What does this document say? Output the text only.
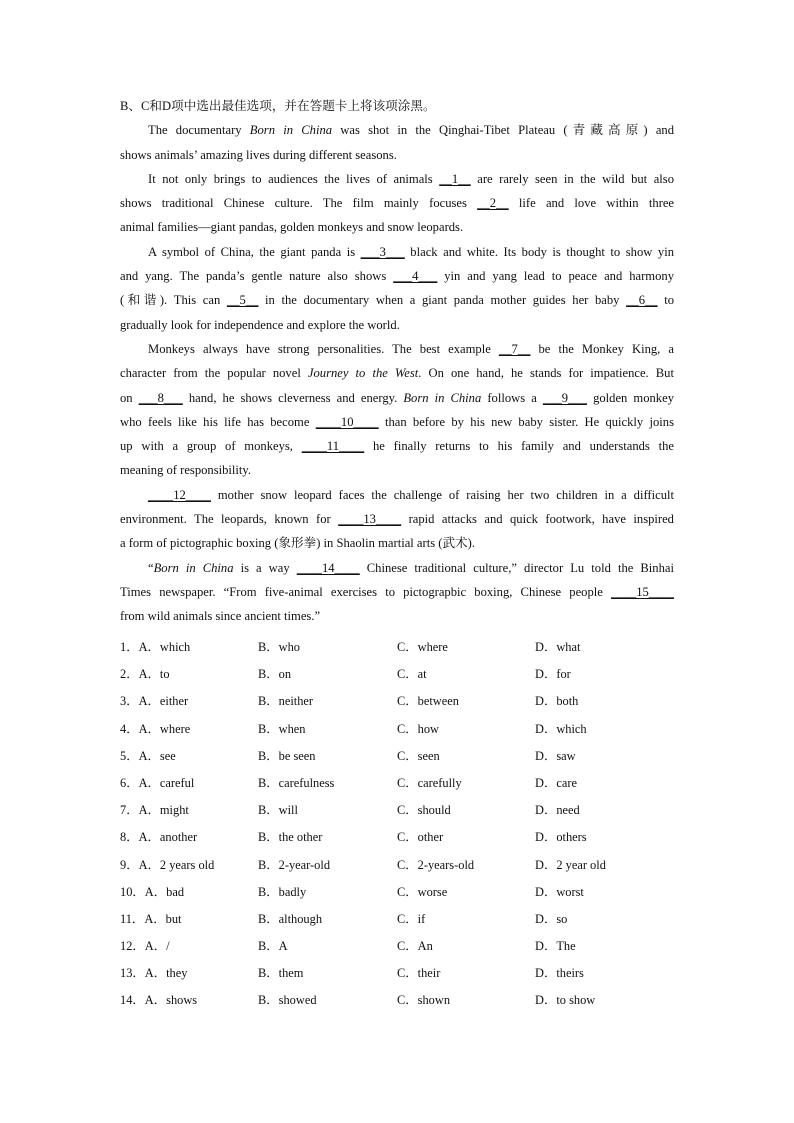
B、C和D项中选出最佳选项，并在答题卡上将该项涂黑。
The documentary Born in China was shot in the Qinghai-Tibet Plateau (青藏高原) and
shows animals’ amazing lives during different seasons.
It not only brings to audiences the lives of animals __1__ are rarely seen in the wild but also
shows traditional Chinese culture. The film mainly focuses __2__ life and love within three
animal families—giant pandas, golden monkeys and snow leopards.
A symbol of China, the giant panda is ___3___ black and white. Its body is thought to show yin
and yang. The panda’s gentle nature also shows ___4___ yin and yang lead to peace and harmony
(和谐). This can __5__ in the documentary when a giant panda mother guides her baby __6__ to
gradually look for independence and explore the world.
Monkeys always have strong personalities. The best example __7__ be the Monkey King, a
character from the popular novel Journey to the West. On one hand, he stands for impatience. But
on ___8___ hand, he shows cleverness and energy. Born in China follows a ___9___ golden monkey
who feels like his life has become ____10____ than before by his new baby sister. He quickly joins
up with a group of monkeys, ____11____ he finally returns to his family and understands the
meaning of responsibility.
____12____ mother snow leopard faces the challenge of raising her two children in a difficult
environment. The leopards, known for ____13____ rapid attacks and quick footwork, have inspired
a form of pictographic boxing (象形拳) in Shaolin martial arts (武术).
“Born in China is a way ____14____ Chinese traditional culture,” director Lu told the Binhai
Times newspaper. “From five-animal exercises to pictograpbic boxing, Chinese people ____15____
from wild animals since ancient times.”
1．A．which	B．who	C．where	D．what
2．A．to	B．on	C．at	D．for
3．A．either	B．neither	C．between	D．both
4．A．where	B．when	C．how	D．which
5．A．see	B．be seen	C．seen	D．saw
6．A．careful	B．carefulness	C．carefully	D．care
7．A．might	B．will	C．should	D．need
8．A．another	B．the other	C．other	D．others
9．A．2 years old	B．2-year-old	C．2-years-old	D．2 year old
10．A．bad	B．badly	C．worse	D．worst
11．A．but	B．although	C．if	D．so
12．A．/	B．A	C．An	D．The
13．A．they	B．them	C．their	D．theirs
14．A．shows	B．showed	C．shown	D．to show
